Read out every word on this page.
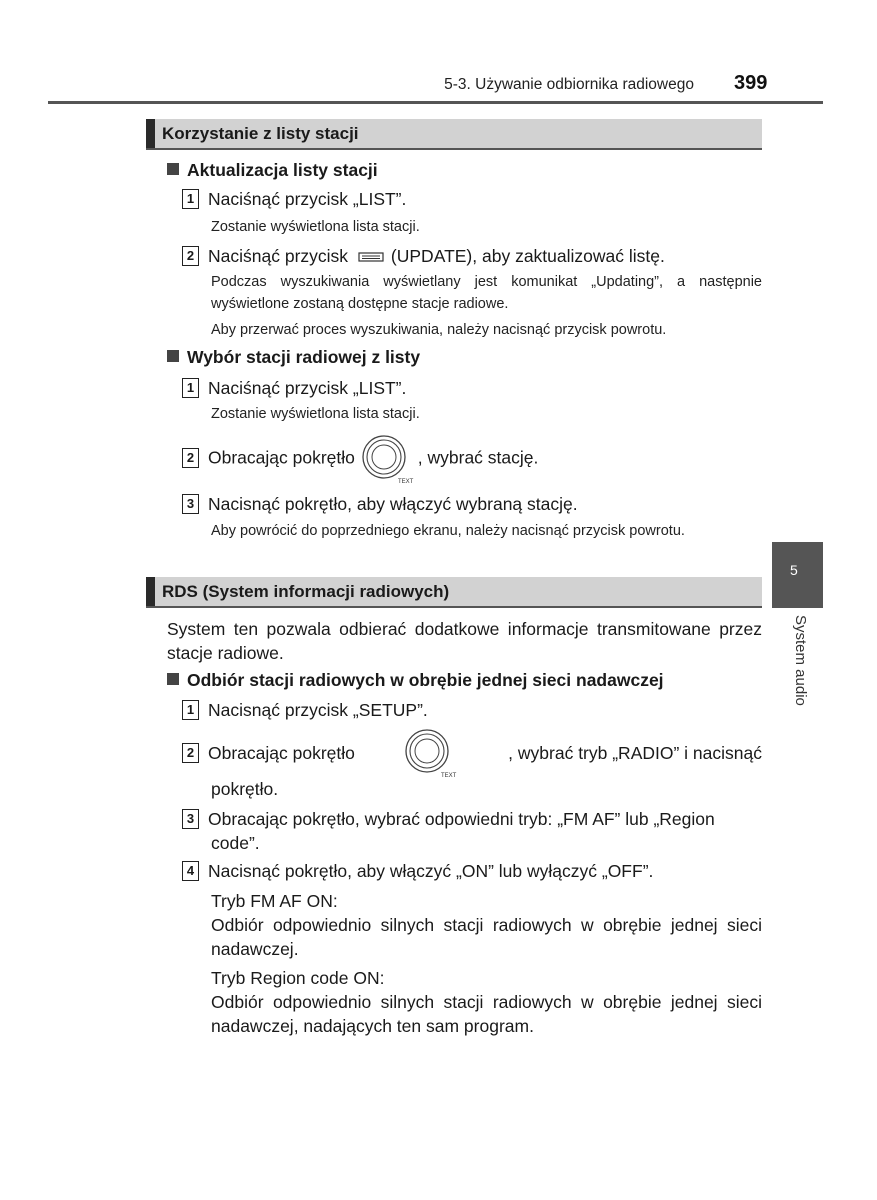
5-3. Używanie odbiornika radiowego 399
Korzystanie z listy stacji
Aktualizacja listy stacji
1 Naciśnąć przycisk „LIST”.
Zostanie wyświetlona lista stacji.
2 Naciśnąć przycisk (UPDATE), aby zaktualizować listę.
Podczas wyszukiwania wyświetlany jest komunikat „Updating”, a następnie wyświetlone zostaną dostępne stacje radiowe.
Aby przerwać proces wyszukiwania, należy nacisnąć przycisk powrotu.
Wybór stacji radiowej z listy
1 Naciśnąć przycisk „LIST”.
Zostanie wyświetlona lista stacji.
2 Obracając pokrętło
TEXT
, wybrać stację.
3 Nacisnąć pokrętło, aby włączyć wybraną stację.
Aby powrócić do poprzedniego ekranu, należy nacisnąć przycisk powrotu.
RDS (System informacji radiowych)
System ten pozwala odbierać dodatkowe informacje transmitowane przez stacje radiowe.
Odbiór stacji radiowych w obrębie jednej sieci nadawczej
1 Nacisnąć przycisk „SETUP”.
2 Obracając pokrętło
TEXT
, wybrać tryb „RADIO” i nacisnąć
pokrętło.
3 Obracając pokrętło, wybrać odpowiedni tryb: „FM AF” lub „Region code”.
4 Nacisnąć pokrętło, aby włączyć „ON” lub wyłączyć „OFF”.
Tryb FM AF ON:
Odbiór odpowiednio silnych stacji radiowych w obrębie jednej sieci nadawczej.
Tryb Region code ON:
Odbiór odpowiednio silnych stacji radiowych w obrębie jednej sieci nadawczej, nadających ten sam program.
5
System audio
